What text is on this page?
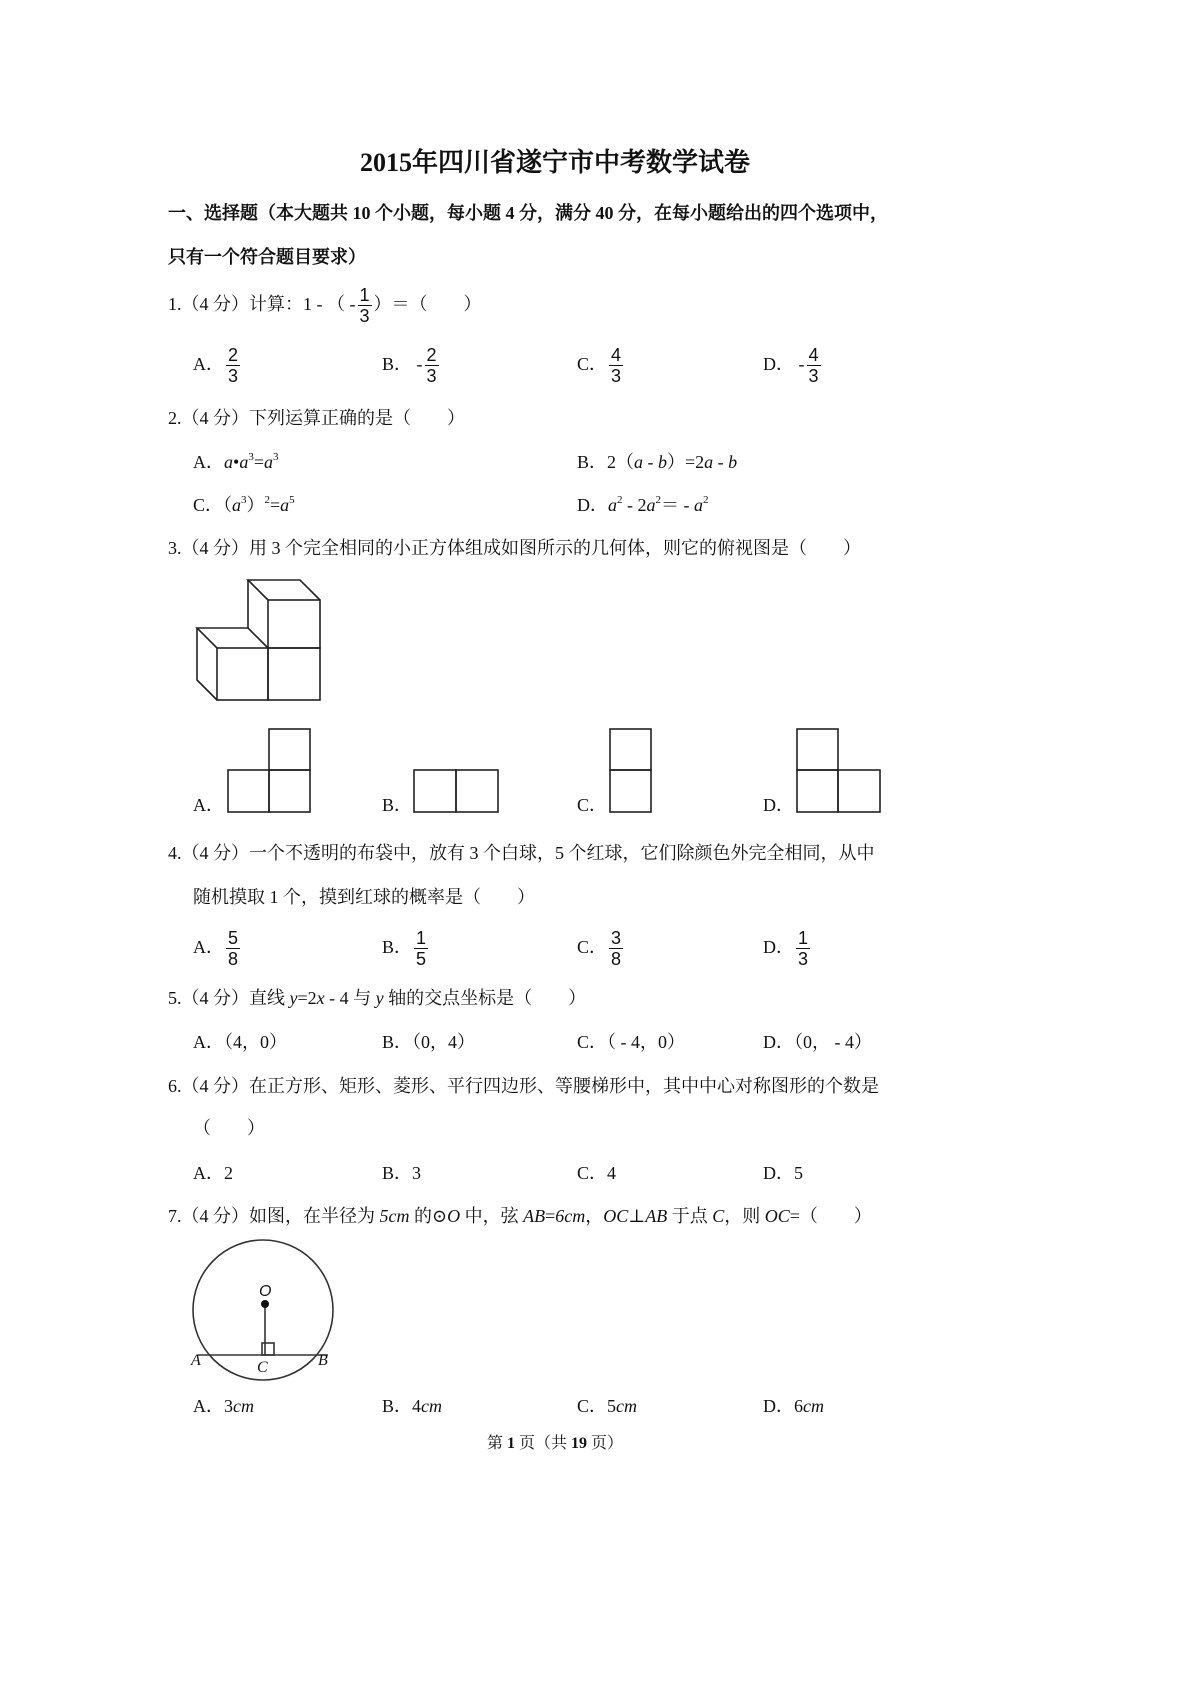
2015年四川省遂宁市中考数学试卷
一、选择题（本大题共 10 个小题，每小题 4 分，满分 40 分，在每小题给出的四个选项中，
只有一个符合题目要求）
1.（4 分）计算：1 - （ - $\frac{1}{3}$ ）＝（　　）
A． $\frac{2}{3}$	B． - $\frac{2}{3}$	C． $\frac{4}{3}$	D． - $\frac{4}{3}$
2.（4 分）下列运算正确的是（　　）
A．$a•a^3=a^3$	B．2（a - b）=2a - b
C．$(a^3)^2=a^5$	D．$a^2 - 2a^2= - a^2$
3.（4 分）用 3 个完全相同的小正方体组成如图所示的几何体，则它的俯视图是（　　）
A．	B．	C．	D．
4.（4 分）一个不透明的布袋中，放有 3 个白球，5 个红球，它们除颜色外完全相同，从中
随机摸取 1 个，摸到红球的概率是（　　）
A． $\frac{5}{8}$	B． $\frac{1}{5}$	C． $\frac{3}{8}$	D． $\frac{1}{3}$
5.（4 分）直线 y=2x - 4 与 y 轴的交点坐标是（　　）
A．（4，0）	B．（0，4）	C．（ - 4，0）	D．（0， - 4）
6.（4 分）在正方形、矩形、菱形、平行四边形、等腰梯形中，其中中心对称图形的个数是
（　　）
A．2	B．3	C．4	D．5
7.（4 分）如图，在半径为 5cm 的⊙O 中，弦 AB=6cm，OC⊥AB 于点 C，则 OC=（　　）
O
A	C	B
A．3cm	B．4cm	C．5cm	D．6cm
第 1 页（共 19 页）
